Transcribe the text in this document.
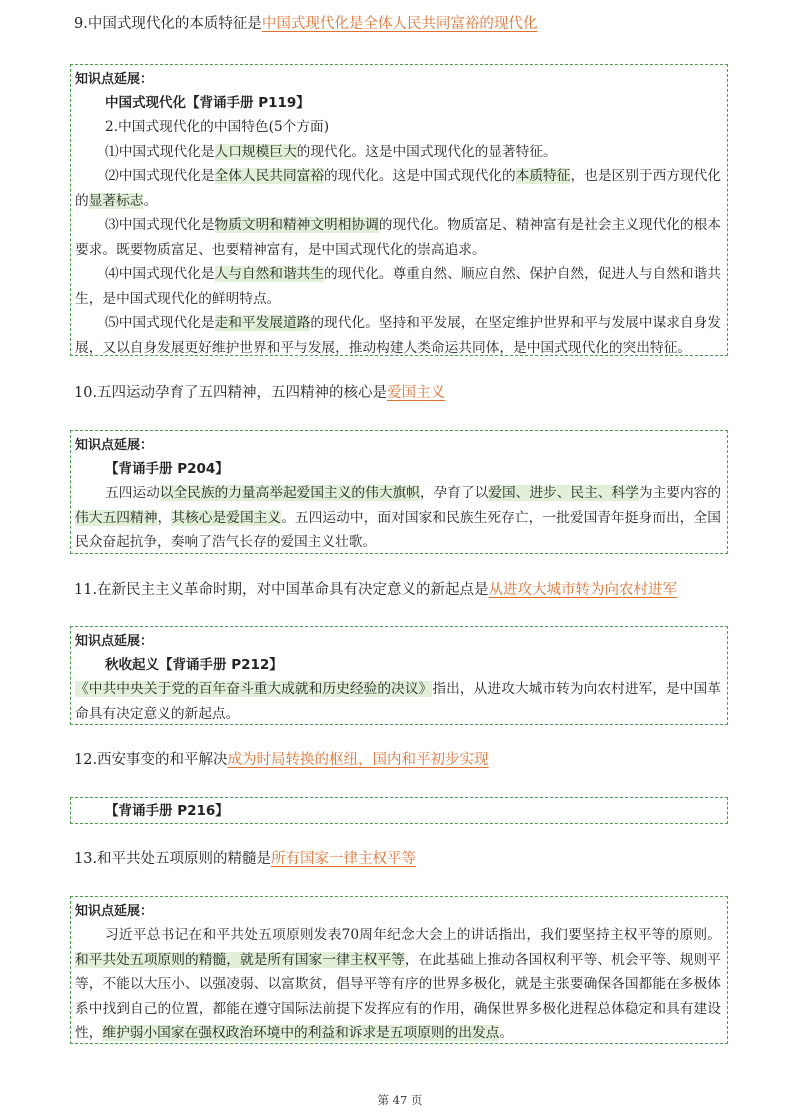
9.中国式现代化的本质特征是中国式现代化是全体人民共同富裕的现代化
知识点延展：
中国式现代化【背诵手册 P119】
2.中国式现代化的中国特色(5个方面)

⑴中国式现代化是人口规模巨大的现代化。这是中国式现代化的显著特征。

⑵中国式现代化是全体人民共同富裕的现代化。这是中国式现代化的本质特征，也是区别于西方现代化的显著标志。

⑶中国式现代化是物质文明和精神文明相协调的现代化。物质富足、精神富有是社会主义现代化的根本要求。既要物质富足、也要精神富有，是中国式现代化的崇高追求。

⑷中国式现代化是人与自然和谐共生的现代化。尊重自然、顺应自然、保护自然，促进人与自然和谐共生，是中国式现代化的鲜明特点。

⑸中国式现代化是走和平发展道路的现代化。坚持和平发展，在坚定维护世界和平与发展中谋求自身发展，又以自身发展更好维护世界和平与发展，推动构建人类命运共同体，是中国式现代化的突出特征。

10.五四运动孕育了五四精神，五四精神的核心是爱国主义
知识点延展：
【背诵手册 P204】

五四运动以全民族的力量高举起爱国主义的伟大旗帜，孕育了以爱国、进步、民主、科学为主要内容的伟大五四精神，其核心是爱国主义。五四运动中，面对国家和民族生死存亡，一批爱国青年挺身而出，全国民众奋起抗争，奏响了浩气长存的爱国主义壮歌。

11.在新民主主义革命时期，对中国革命具有决定意义的新起点是从进攻大城市转为向农村进军
知识点延展：
秋收起义【背诵手册 P212】

《中共中央关于党的百年奋斗重大成就和历史经验的决议》指出，从进攻大城市转为向农村进军，是中国革命具有决定意义的新起点。

12.西安事变的和平解决成为时局转换的枢纽，国内和平初步实现
【背诵手册 P216】
13.和平共处五项原则的精髓是所有国家一律主权平等
知识点延展：

习近平总书记在和平共处五项原则发表70周年纪念大会上的讲话指出，我们要坚持主权平等的原则。和平共处五项原则的精髓，就是所有国家一律主权平等，在此基础上推动各国权利平等、机会平等、规则平等，不能以大压小、以强凌弱、以富欺贫，倡导平等有序的世界多极化，就是主张要确保各国都能在多极体系中找到自己的位置，都能在遵守国际法前提下发挥应有的作用，确保世界多极化进程总体稳定和具有建设性，维护弱小国家在强权政治环境中的利益和诉求是五项原则的出发点。

第 47 页
